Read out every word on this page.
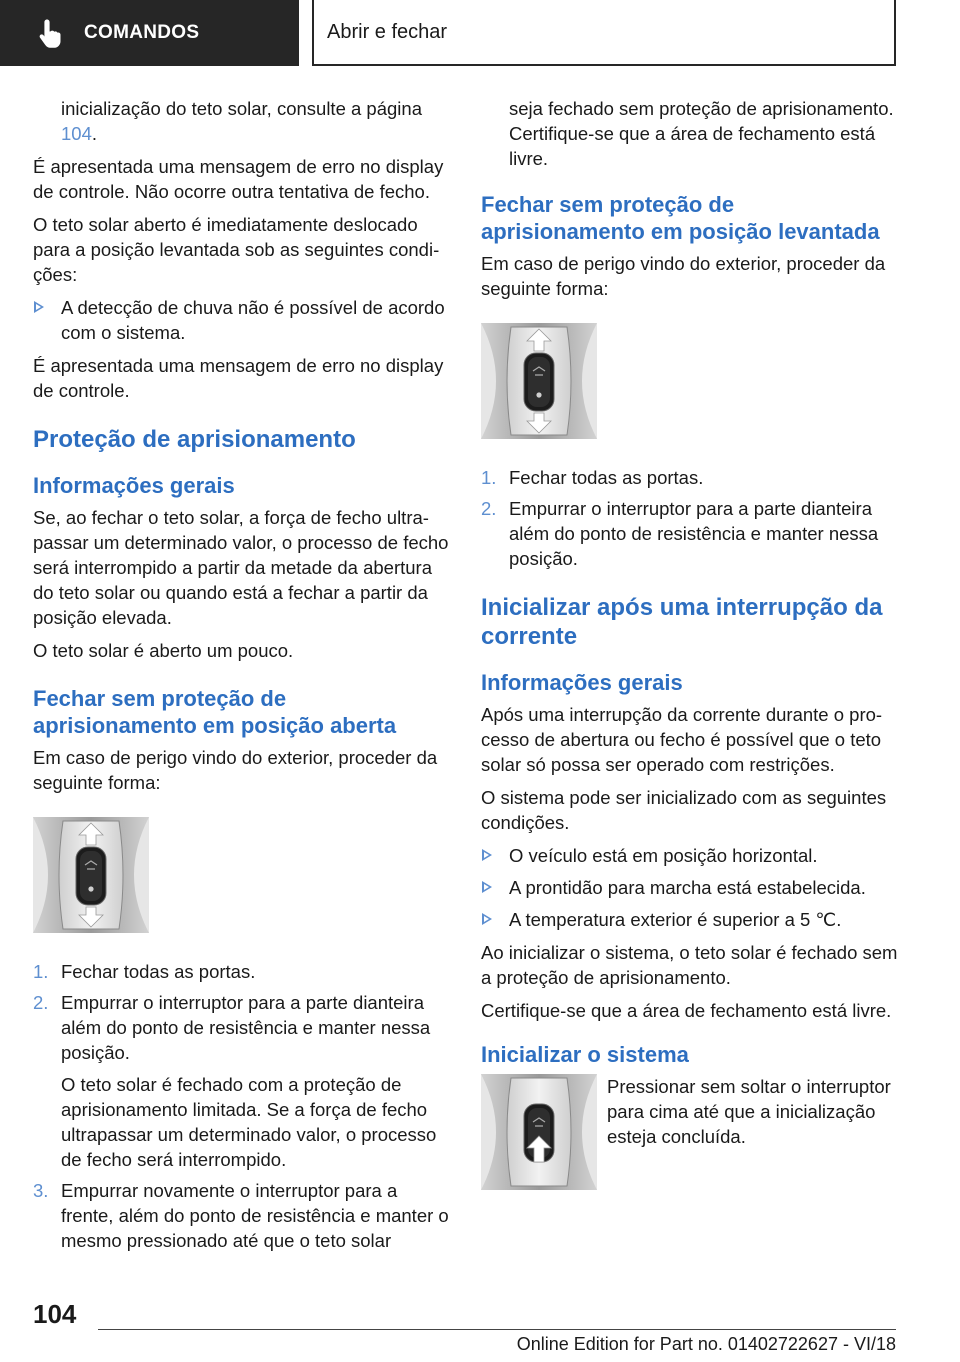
COMANDOS	Abrir e fechar

inicialização do teto solar, consulte a página 104.

É apresentada uma mensagem de erro no display de controle. Não ocorre outra tentativa de fecho.

O teto solar aberto é imediatamente deslocado para a posição levantada sob as seguintes condições:

A detecção de chuva não é possível de acordo com o sistema.

É apresentada uma mensagem de erro no display de controle.

Proteção de aprisionamento
Informações gerais

Se, ao fechar o teto solar, a força de fecho ultrapassar um determinado valor, o processo de fecho será interrompido a partir da metade da abertura do teto solar ou quando está a fechar a partir da posição elevada.

O teto solar é aberto um pouco.

Fechar sem proteção de aprisionamento em posição aberta

Em caso de perigo vindo do exterior, proceder da seguinte forma:

1. Fechar todas as portas.
2. Empurrar o interruptor para a parte dianteira além do ponto de resistência e manter nessa posição.
O teto solar é fechado com a proteção de aprisionamento limitada. Se a força de fecho ultrapassar um determinado valor, o processo de fecho será interrompido.
3. Empurrar novamente o interruptor para a frente, além do ponto de resistência e manter o mesmo pressionado até que o teto solar

seja fechado sem proteção de aprisionamento. Certifique-se que a área de fechamento está livre.

Fechar sem proteção de aprisionamento em posição levantada

Em caso de perigo vindo do exterior, proceder da seguinte forma:

1. Fechar todas as portas.
2. Empurrar o interruptor para a parte dianteira além do ponto de resistência e manter nessa posição.
Inicializar após uma interrupção da corrente
Informações gerais

Após uma interrupção da corrente durante o processo de abertura ou fecho é possível que o teto solar só possa ser operado com restrições.

O sistema pode ser inicializado com as seguintes condições.

O veículo está em posição horizontal.
A prontidão para marcha está estabelecida.
A temperatura exterior é superior a 5 ℃.

Ao inicializar o sistema, o teto solar é fechado sem a proteção de aprisionamento.

Certifique-se que a área de fechamento está livre.

Inicializar o sistema

Pressionar sem soltar o interruptor para cima até que a inicialização esteja concluída.

104
Online Edition for Part no. 01402722627 - VI/18
